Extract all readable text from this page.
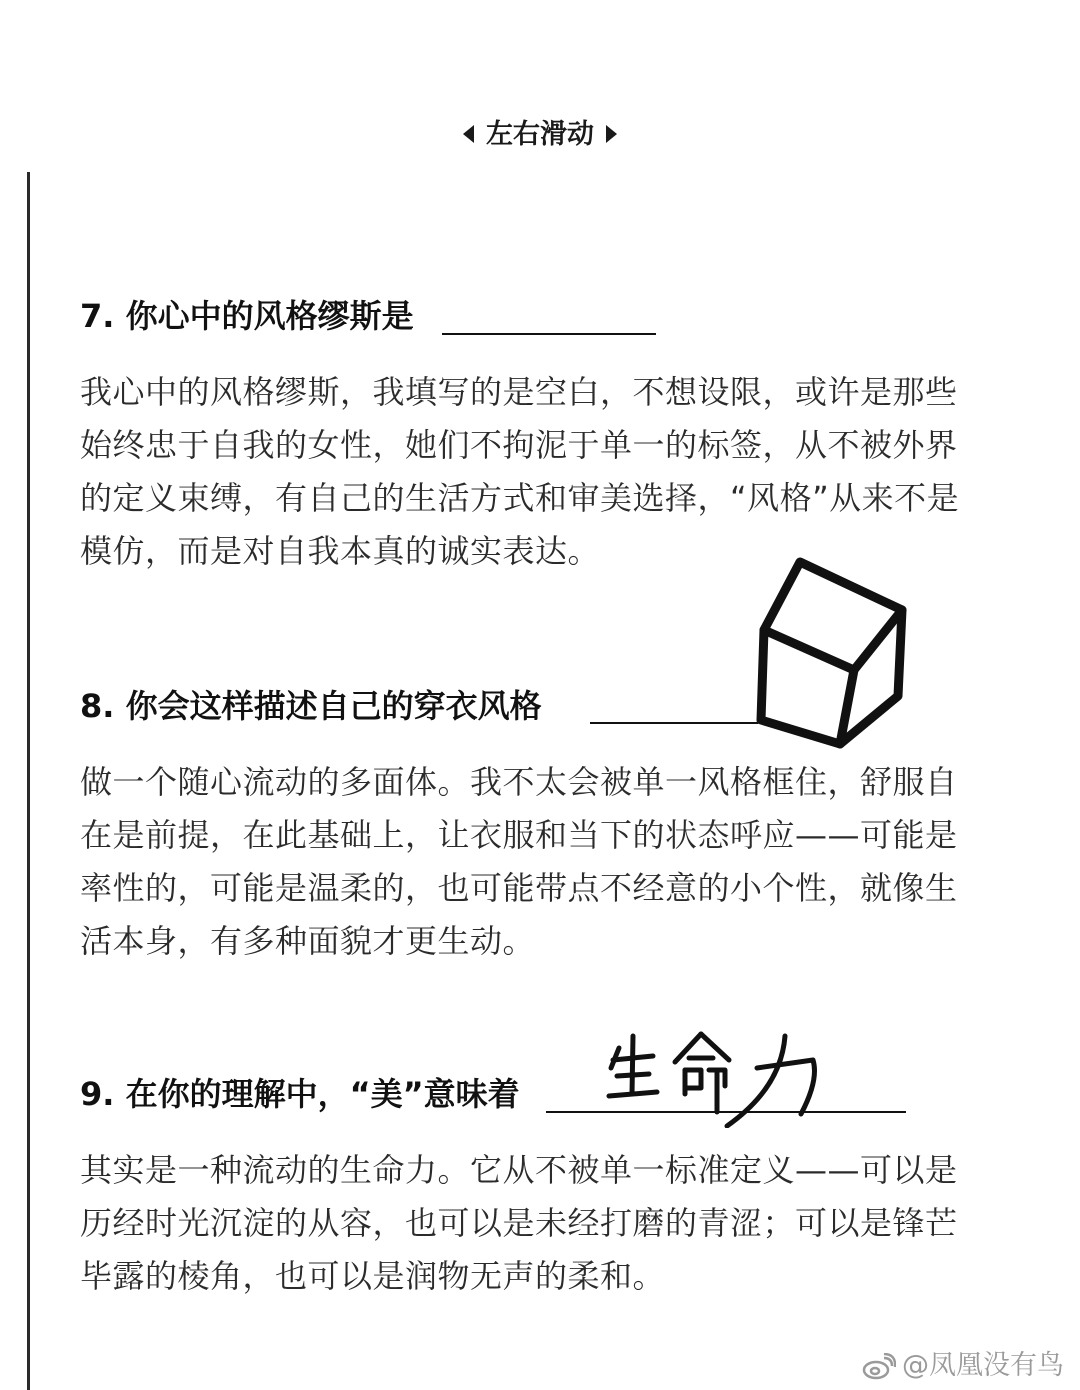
左右滑动
7. 你心中的风格缪斯是
我心中的风格缪斯，我填写的是空白，不想设限，或许是那些始终忠于自我的女性，她们不拘泥于单一的标签，从不被外界的定义束缚，有自己的生活方式和审美选择，“风格”从来不是模仿，而是对自我本真的诚实表达。
8. 你会这样描述自己的穿衣风格
做一个随心流动的多面体。我不太会被单一风格框住，舒服自在是前提，在此基础上，让衣服和当下的状态呼应——可能是率性的，可能是温柔的，也可能带点不经意的小个性，就像生活本身，有多种面貌才更生动。
9. 在你的理解中，“美”意味着
其实是一种流动的生命力。它从不被单一标准定义——可以是历经时光沉淀的从容，也可以是未经打磨的青涩；可以是锋芒毕露的棱角，也可以是润物无声的柔和。
@凤凰没有鸟
